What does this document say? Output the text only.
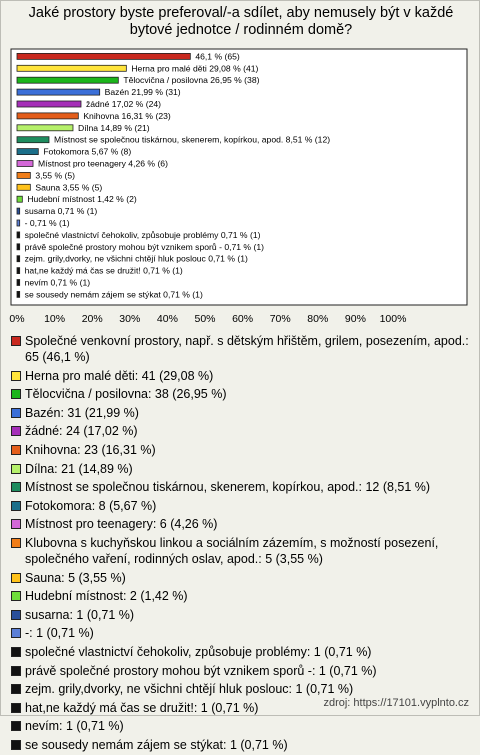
Jaké prostory byste preferoval/-a sdílet, aby nemusely být v každé bytové jednotce / rodinném domě?
46,1 % (65)
Herna pro malé děti 29,08 % (41)
Tělocvična / posilovna 26,95 % (38)
Bazén 21,99 % (31)
žádné 17,02 % (24)
Knihovna 16,31 % (23)
Dílna 14,89 % (21)
Místnost se společnou tiskárnou, skenerem, kopírkou, apod. 8,51 % (12)
Fotokomora 5,67 % (8)
Místnost pro teenagery 4,26 % (6)
3,55 % (5)
Sauna 3,55 % (5)
Hudební místnost 1,42 % (2)
susarna 0,71 % (1)
- 0,71 % (1)
společné vlastnictví čehokoliv, způsobuje problémy 0,71 % (1)
právě společné prostory mohou být vznikem sporů - 0,71 % (1)
zejm. grily,dvorky, ne všichni chtějí hluk poslouc 0,71 % (1)
hat,ne každý má čas se družit! 0,71 % (1)
nevím 0,71 % (1)
se sousedy nemám zájem se stýkat 0,71 % (1)
0% 10% 20% 30% 40% 50% 60% 70% 80% 90% 100%
Společné venkovní prostory, např. s dětským hřištěm, grilem, posezením, apod.: 65 (46,1 %)
Herna pro malé děti: 41 (29,08 %)
Tělocvična / posilovna: 38 (26,95 %)
Bazén: 31 (21,99 %)
žádné: 24 (17,02 %)
Knihovna: 23 (16,31 %)
Dílna: 21 (14,89 %)
Místnost se společnou tiskárnou, skenerem, kopírkou, apod.: 12 (8,51 %)
Fotokomora: 8 (5,67 %)
Místnost pro teenagery: 6 (4,26 %)
Klubovna s kuchyňskou linkou a sociálním zázemím, s možností posezení, společného vaření, rodinných oslav, apod.: 5 (3,55 %)
Sauna: 5 (3,55 %)
Hudební místnost: 2 (1,42 %)
susarna: 1 (0,71 %)
-: 1 (0,71 %)
společné vlastnictví čehokoliv, způsobuje problémy: 1 (0,71 %)
právě společné prostory mohou být vznikem sporů -: 1 (0,71 %)
zejm. grily,dvorky, ne všichni chtějí hluk poslouc: 1 (0,71 %)
hat,ne každý má čas se družit!: 1 (0,71 %)
nevím: 1 (0,71 %)
se sousedy nemám zájem se stýkat: 1 (0,71 %)
zdroj: https://17101.vyplnto.cz
